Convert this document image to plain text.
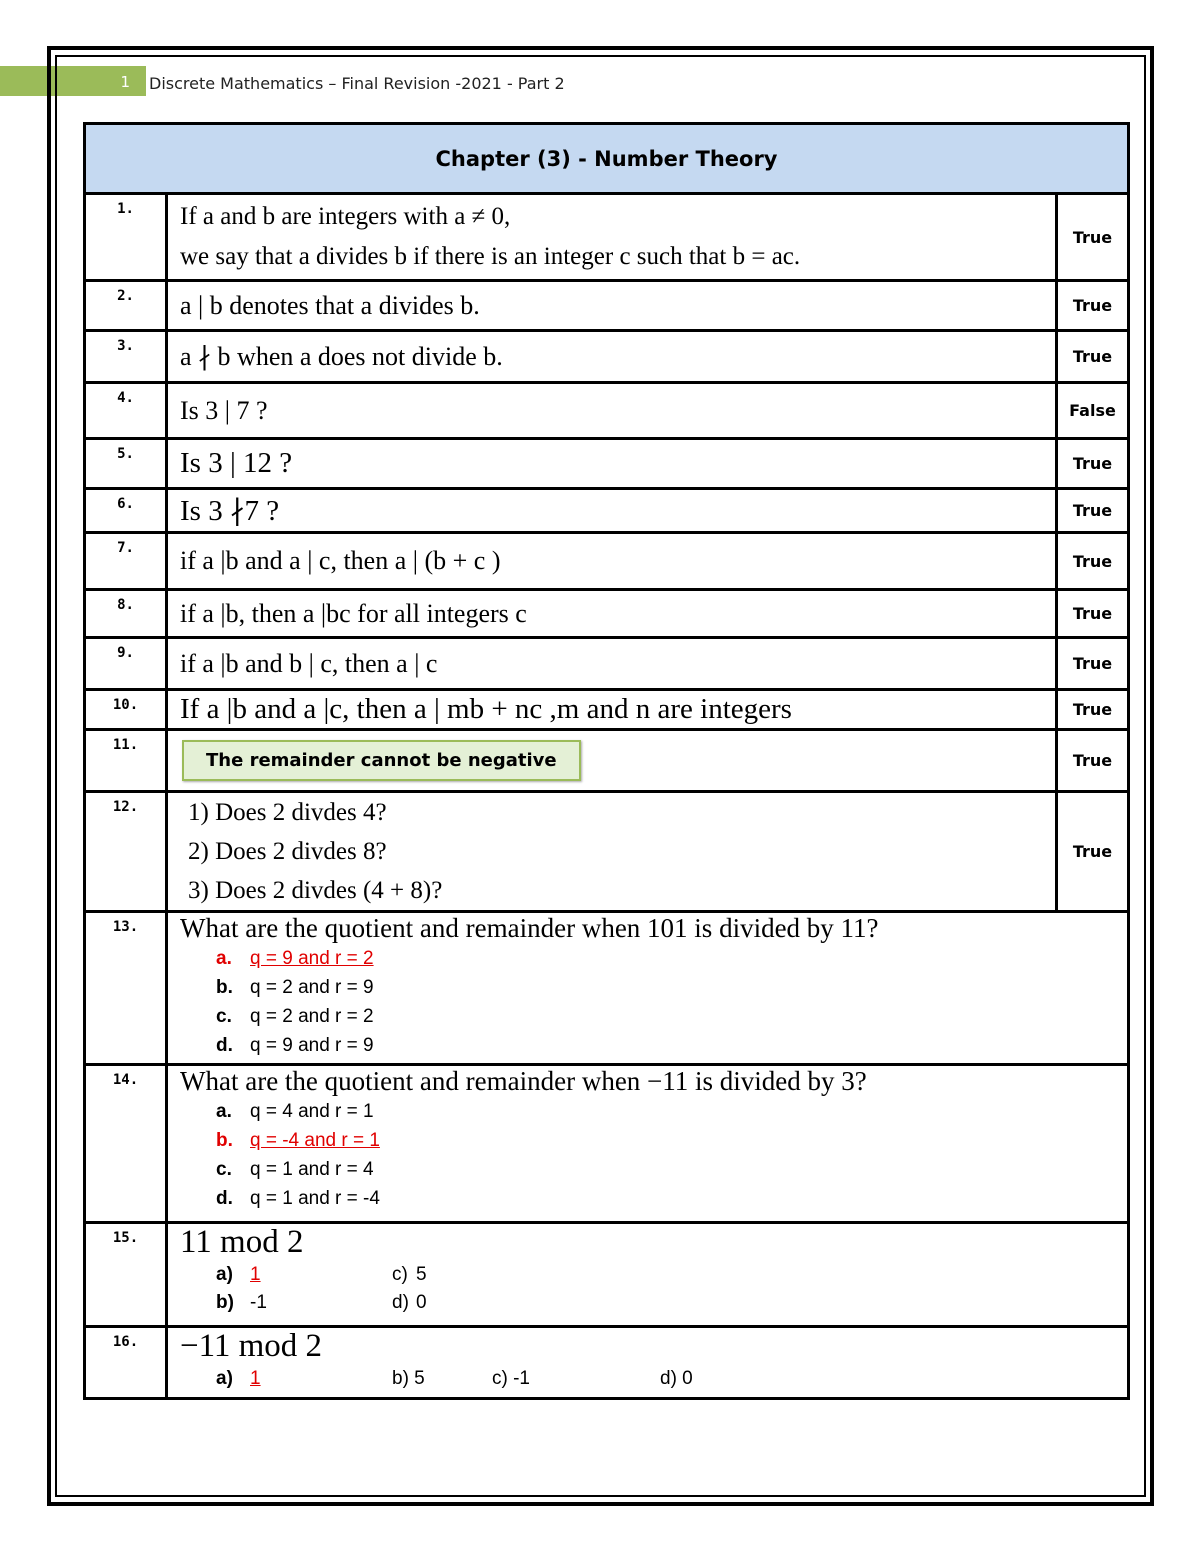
1 Discrete Mathematics – Final Revision -2021 - Part 2
Chapter (3) - Number Theory		
1.	If a and b are integers with a ≠ 0,
we say that a divides b if there is an integer c such that b = ac.	True
2.	a | b denotes that a divides b.	True
3.	a ∤ b when a does not divide b.	True
4.	Is 3 | 7 ?	False
5.	Is 3 | 12 ?	True
6.	Is 3 ∤7 ?	True
7.	if a |b and a | c, then a | (b + c )	True
8.	if a |b, then a |bc for all integers c	True
9.	if a |b and b | c, then a | c	True
10.	If a |b and a |c, then a | mb + nc ,m and n are integers	True
11.	The remainder cannot be negative	True
12.	1) Does 2 divdes 4?
2) Does 2 divdes 8?
3) Does 2 divdes (4 + 8)?	True
13.	What are the quotient and remainder when 101 is divided by 11?
a. q = 9 and r = 2
b. q = 2 and r = 9
c. q = 2 and r = 2
d. q = 9 and r = 9	

14.	What are the quotient and remainder when −11 is divided by 3?
a. q = 4 and r = 1
b. q = -4 and r = 1
c. q = 1 and r = 4
d. q = 1 and r = -4	

15.	11 mod 2
a) 1 c) 5
b) -1 d) 0	

16.	−11 mod 2
a) 1 b) 5 c) -1 d) 0	
